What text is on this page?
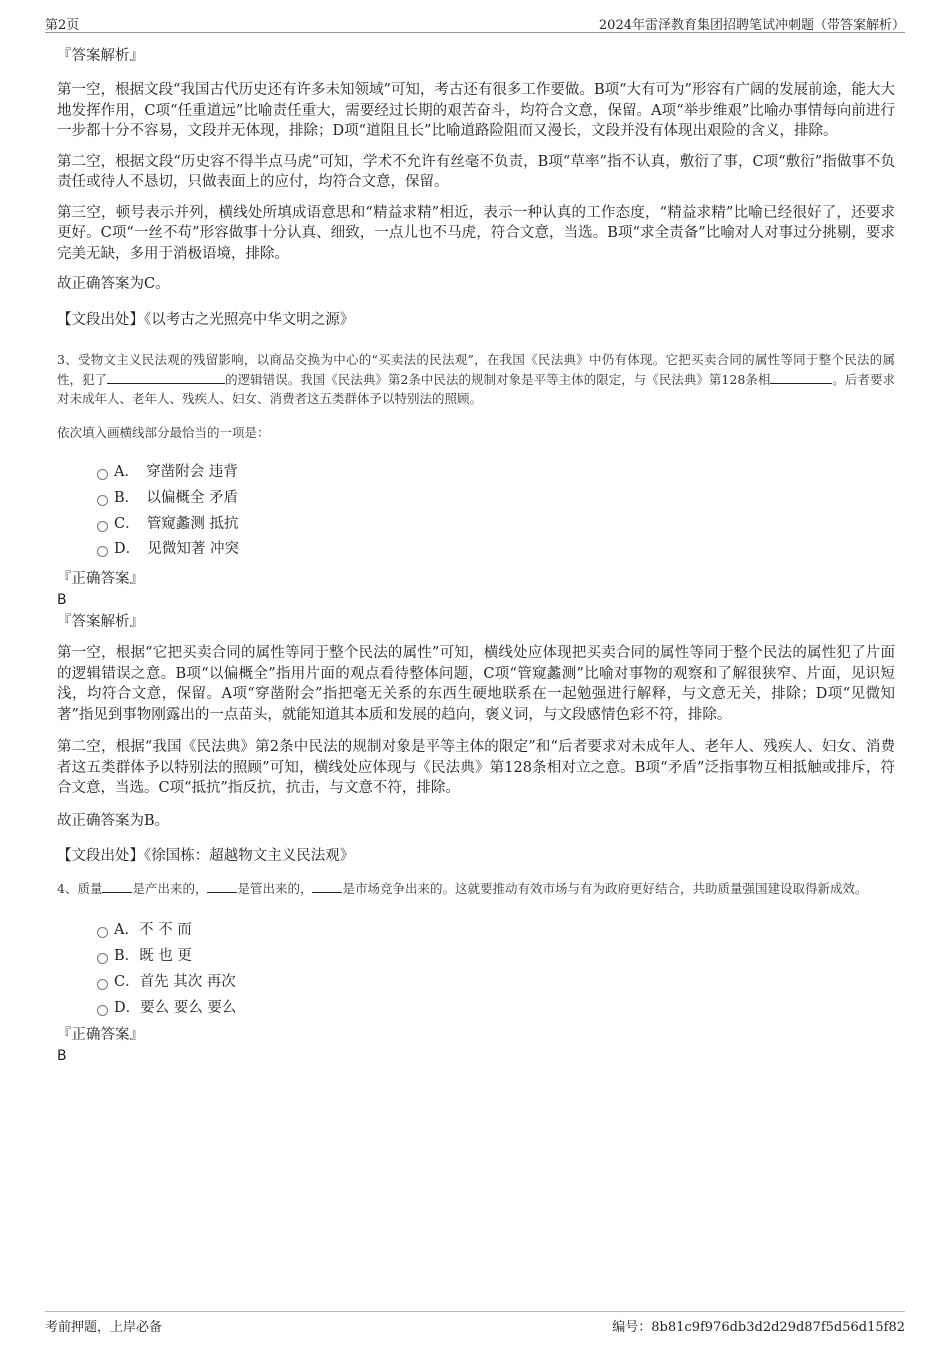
第2页	2024年雷泽教育集团招聘笔试冲刺题（带答案解析）

『答案解析』

第一空，根据文段“我国古代历史还有许多未知领域”可知，考古还有很多工作要做。B项“大有可为”形容有广阔的发展前途，能大大地发挥作用，C项“任重道远”比喻责任重大，需要经过长期的艰苦奋斗，均符合文意，保留。A项“举步维艰”比喻办事情每向前进行一步都十分不容易，文段并无体现，排除；D项“道阻且长”比喻道路险阻而又漫长，文段并没有体现出艰险的含义，排除。

第二空，根据文段“历史容不得半点马虎”可知，学术不允许有丝毫不负责，B项“草率”指不认真，敷衍了事，C项“敷衍”指做事不负责任或待人不恳切，只做表面上的应付，均符合文意，保留。

第三空，顿号表示并列，横线处所填成语意思和“精益求精”相近，表示一种认真的工作态度，“精益求精”比喻已经很好了，还要求更好。C项“一丝不苟”形容做事十分认真、细致，一点儿也不马虎，符合文意，当选。B项“求全责备”比喻对人对事过分挑剔，要求完美无缺，多用于消极语境，排除。

故正确答案为C。

【文段出处】《以考古之光照亮中华文明之源》

3、受物文主义民法观的残留影响，以商品交换为中心的“买卖法的民法观”，在我国《民法典》中仍有体现。它把买卖合同的属性等同于整个民法的属性，犯了	的逻辑错误。我国《民法典》第2条中民法的规制对象是平等主体的限定，与《民法典》第128条相	。后者要求对未成年人、老年人、残疾人、妇女、消费者这五类群体予以特别法的照顾。

依次填入画横线部分最恰当的一项是：

A．　穿凿附会 违背
B．　以偏概全 矛盾
C．　管窥蠡测 抵抗
D．　见微知著 冲突

『正确答案』

B

『答案解析』

第一空，根据“它把买卖合同的属性等同于整个民法的属性”可知，横线处应体现把买卖合同的属性等同于整个民法的属性犯了片面的逻辑错误之意。B项“以偏概全”指用片面的观点看待整体问题，C项“管窥蠡测”比喻对事物的观察和了解很狭窄、片面，见识短浅，均符合文意，保留。A项“穿凿附会”指把毫无关系的东西生硬地联系在一起勉强进行解释，与文意无关，排除；D项“见微知著”指见到事物刚露出的一点苗头，就能知道其本质和发展的趋向，褒义词，与文段感情色彩不符，排除。

第二空，根据“我国《民法典》第2条中民法的规制对象是平等主体的限定”和“后者要求对未成年人、老年人、残疾人、妇女、消费者这五类群体予以特别法的照顾”可知，横线处应体现与《民法典》第128条相对立之意。B项“矛盾”泛指事物互相抵触或排斥，符合文意，当选。C项“抵抗”指反抗，抗击，与文意不符，排除。

故正确答案为B。

【文段出处】《徐国栋：超越物文主义民法观》

4、质量 是产出来的， 是管出来的， 是市场竞争出来的。这就要推动有效市场与有为政府更好结合，共助质量强国建设取得新成效。

A．不 不 而
B．既 也 更
C．首先 其次 再次
D．要么 要么 要么

『正确答案』

B

考前押题，上岸必备	编号：8b81c9f976db3d2d29d87f5d56d15f82
